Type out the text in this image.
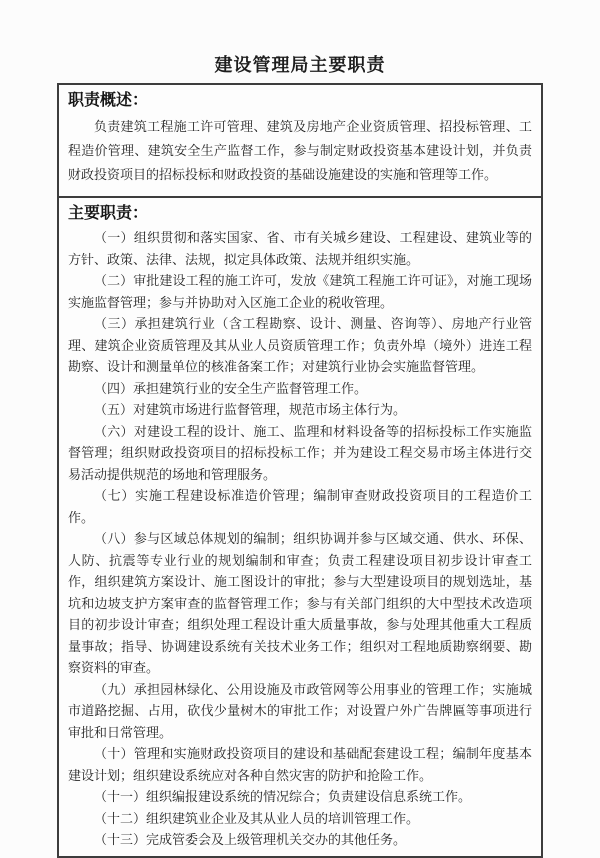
建设管理局主要职责
职责概述：

负责建筑工程施工许可管理、建筑及房地产企业资质管理、招投标管理、工程造价管理、建筑安全生产监督工作，参与制定财政投资基本建设计划，并负责财政投资项目的招标投标和财政投资的基础设施建设的实施和管理等工作。

主要职责：

（一）组织贯彻和落实国家、省、市有关城乡建设、工程建设、建筑业等的方针、政策、法律、法规，拟定具体政策、法规并组织实施。

（二）审批建设工程的施工许可，发放《建筑工程施工许可证》，对施工现场实施监督管理；参与并协助对入区施工企业的税收管理。

（三）承担建筑行业（含工程勘察、设计、测量、咨询等）、房地产行业管理、建筑企业资质管理及其从业人员资质管理工作；负责外埠（境外）进连工程勘察、设计和测量单位的核准备案工作；对建筑行业协会实施监督管理。

（四）承担建筑行业的安全生产监督管理工作。

（五）对建筑市场进行监督管理，规范市场主体行为。

（六）对建设工程的设计、施工、监理和材料设备等的招标投标工作实施监督管理；组织财政投资项目的招标投标工作；并为建设工程交易市场主体进行交易活动提供规范的场地和管理服务。

（七）实施工程建设标准造价管理；编制审查财政投资项目的工程造价工作。

（八）参与区域总体规划的编制；组织协调并参与区域交通、供水、环保、人防、抗震等专业行业的规划编制和审查；负责工程建设项目初步设计审查工作，组织建筑方案设计、施工图设计的审批；参与大型建设项目的规划选址，基坑和边坡支护方案审查的监督管理工作；参与有关部门组织的大中型技术改造项目的初步设计审查；组织处理工程设计重大质量事故，参与处理其他重大工程质量事故；指导、协调建设系统有关技术业务工作；组织对工程地质勘察纲要、勘察资料的审查。

（九）承担园林绿化、公用设施及市政管网等公用事业的管理工作；实施城市道路挖掘、占用，砍伐少量树木的审批工作；对设置户外广告牌匾等事项进行审批和日常管理。

（十）管理和实施财政投资项目的建设和基础配套建设工程；编制年度基本建设计划；组织建设系统应对各种自然灾害的防护和抢险工作。

（十一）组织编报建设系统的情况综合；负责建设信息系统工作。

（十二）组织建筑业企业及其从业人员的培训管理工作。

（十三）完成管委会及上级管理机关交办的其他任务。
